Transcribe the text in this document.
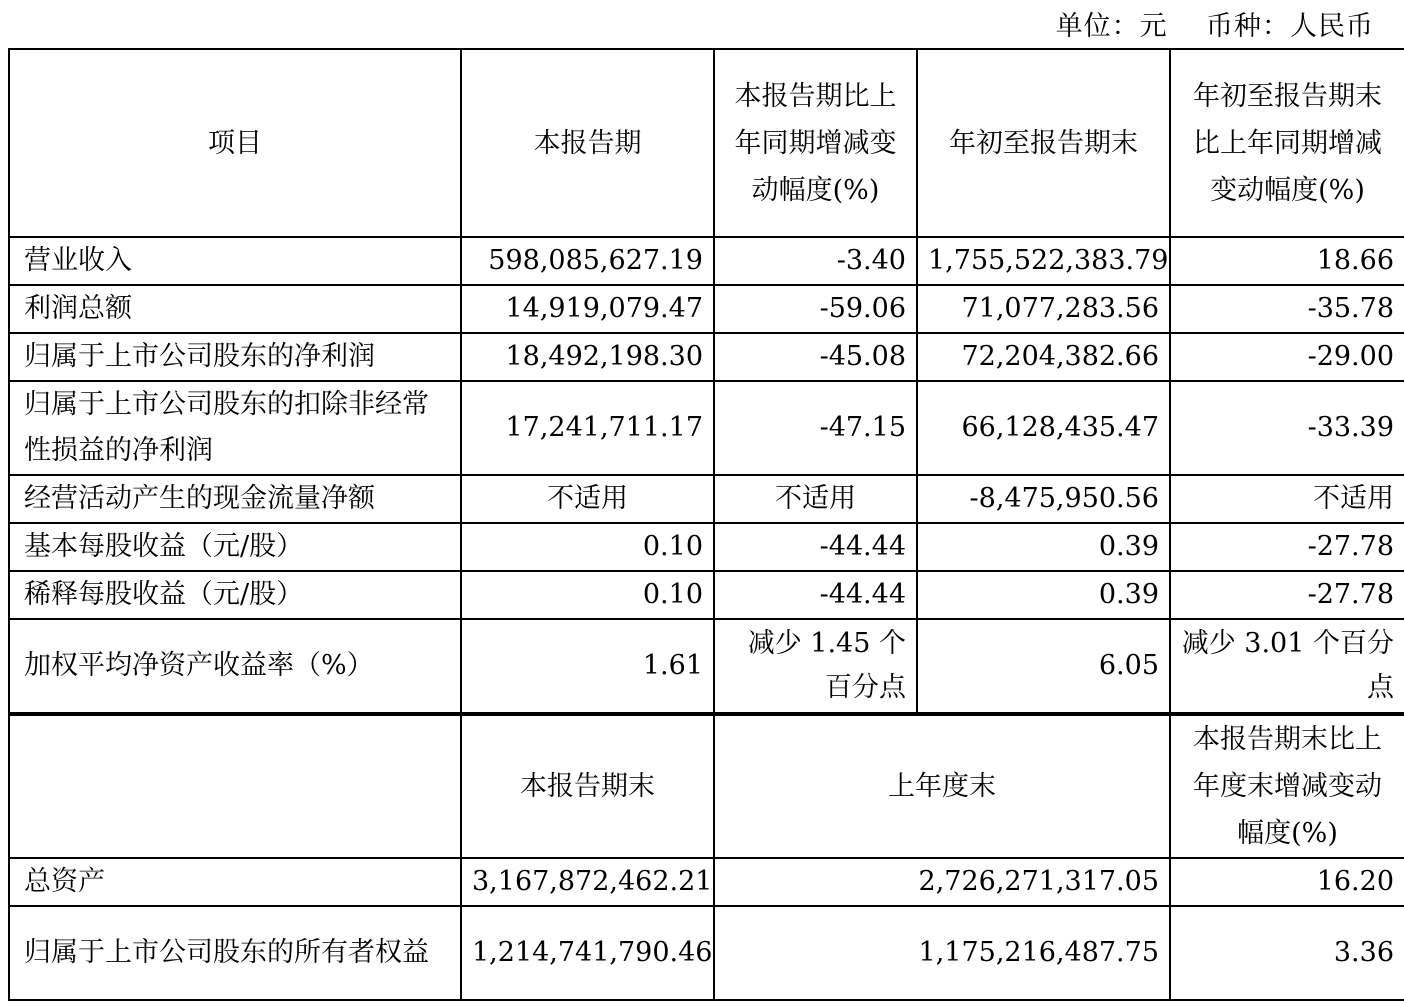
单位：元    币种：人民币
项目	本报告期	本报告期比上年同期增减变动幅度(%)	年初至报告期末	年初至报告期末比上年同期增减变动幅度(%)
营业收入	598,085,627.19	-3.40	1,755,522,383.79	18.66
利润总额	14,919,079.47	-59.06	71,077,283.56	-35.78
归属于上市公司股东的净利润	18,492,198.30	-45.08	72,204,382.66	-29.00
归属于上市公司股东的扣除非经常性损益的净利润	17,241,711.17	-47.15	66,128,435.47	-33.39
经营活动产生的现金流量净额	不适用	不适用	-8,475,950.56	不适用
基本每股收益（元/股）	0.10	-44.44	0.39	-27.78
稀释每股收益（元/股）	0.10	-44.44	0.39	-27.78
加权平均净资产收益率（%）	1.61	减少 1.45 个百分点	6.05	减少 3.01 个百分点
	本报告期末	上年度末		本报告期末比上年度末增减变动幅度(%)
总资产	3,167,872,462.21	2,726,271,317.05		16.20
归属于上市公司股东的所有者权益	1,214,741,790.46	1,175,216,487.75		3.36
